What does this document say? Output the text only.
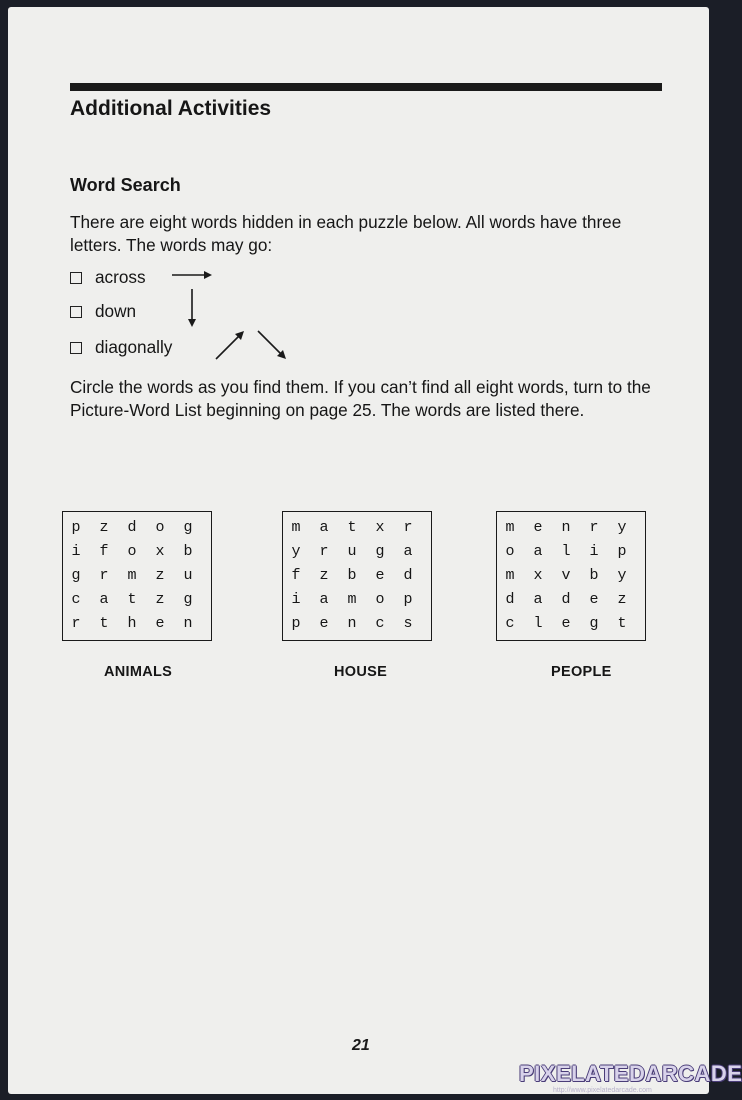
Additional Activities
Word Search
There are eight words hidden in each puzzle below. All words have three letters. The words may go:
across
down
diagonally
Circle the words as you find them. If you can’t find all eight words, turn to the Picture-Word List beginning on page 25. The words are listed there.
p	z	d	o	g
i	f	o	x	b
g	r	m	z	u
c	a	t	z	g
r	t	h	e	n
m	a	t	x	r
y	r	u	g	a
f	z	b	e	d
i	a	m	o	p
p	e	n	c	s
m	e	n	r	y
o	a	l	i	p
m	x	v	b	y
d	a	d	e	z
c	l	e	g	t
ANIMALS	HOUSE	PEOPLE
21
PIXELATEDARCADE
http://www.pixelatedarcade.com
